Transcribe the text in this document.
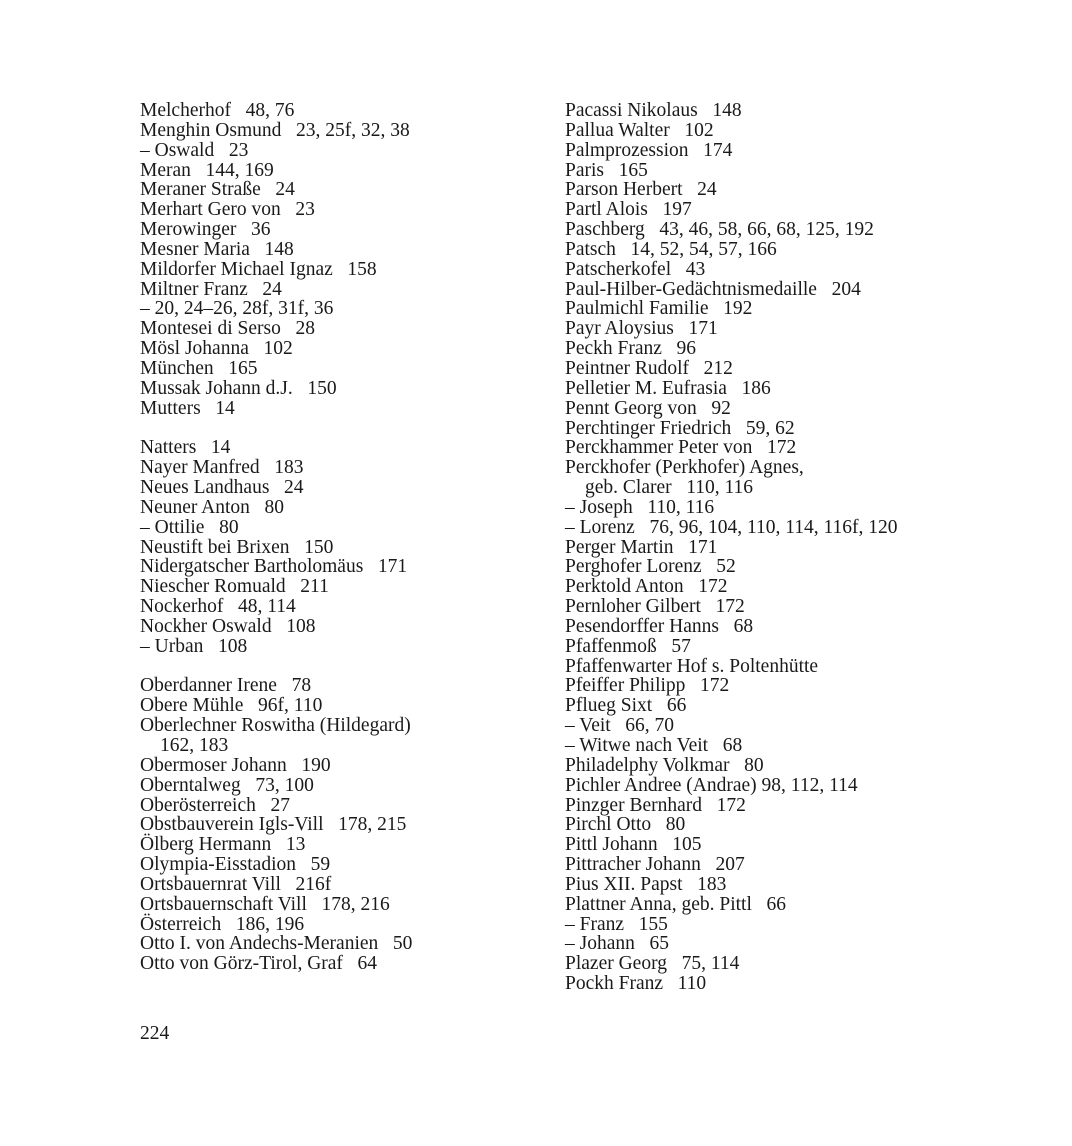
Melcherhof   48, 76
Menghin Osmund   23, 25f, 32, 38
– Oswald   23
Meran   144, 169
Meraner Straße   24
Merhart Gero von   23
Merowinger   36
Mesner Maria   148
Mildorfer Michael Ignaz   158
Miltner Franz   24
– 20, 24–26, 28f, 31f, 36
Montesei di Serso   28
Mösl Johanna   102
München   165
Mussak Johann d.J.   150
Mutters   14
Natters   14
Nayer Manfred   183
Neues Landhaus   24
Neuner Anton   80
– Ottilie   80
Neustift bei Brixen   150
Nidergatscher Bartholomäus   171
Niescher Romuald   211
Nockerhof   48, 114
Nockher Oswald   108
– Urban   108
Oberdanner Irene   78
Obere Mühle   96f, 110
Oberlechner Roswitha (Hildegard)
162, 183
Obermoser Johann   190
Oberntalweg   73, 100
Oberösterreich   27
Obstbauverein Igls-Vill   178, 215
Ölberg Hermann   13
Olympia-Eisstadion   59
Ortsbauernrat Vill   216f
Ortsbauernschaft Vill   178, 216
Österreich   186, 196
Otto I. von Andechs-Meranien   50
Otto von Görz-Tirol, Graf   64
Pacassi Nikolaus   148
Pallua Walter   102
Palmprozession   174
Paris   165
Parson Herbert   24
Partl Alois   197
Paschberg   43, 46, 58, 66, 68, 125, 192
Patsch   14, 52, 54, 57, 166
Patscherkofel   43
Paul-Hilber-Gedächtnismedaille   204
Paulmichl Familie   192
Payr Aloysius   171
Peckh Franz   96
Peintner Rudolf   212
Pelletier M. Eufrasia   186
Pennt Georg von   92
Perchtinger Friedrich   59, 62
Perckhammer Peter von   172
Perckhofer (Perkhofer) Agnes,
geb. Clarer   110, 116
– Joseph   110, 116
– Lorenz   76, 96, 104, 110, 114, 116f, 120
Perger Martin   171
Perghofer Lorenz   52
Perktold Anton   172
Pernloher Gilbert   172
Pesendorffer Hanns   68
Pfaffenmoß   57
Pfaffenwarter Hof s. Poltenhütte
Pfeiffer Philipp   172
Pflueg Sixt   66
– Veit   66, 70
– Witwe nach Veit   68
Philadelphy Volkmar   80
Pichler Andree (Andrae) 98, 112, 114
Pinzger Bernhard   172
Pirchl Otto   80
Pittl Johann   105
Pittracher Johann   207
Pius XII. Papst   183
Plattner Anna, geb. Pittl   66
– Franz   155
– Johann   65
Plazer Georg   75, 114
Pockh Franz   110
224
